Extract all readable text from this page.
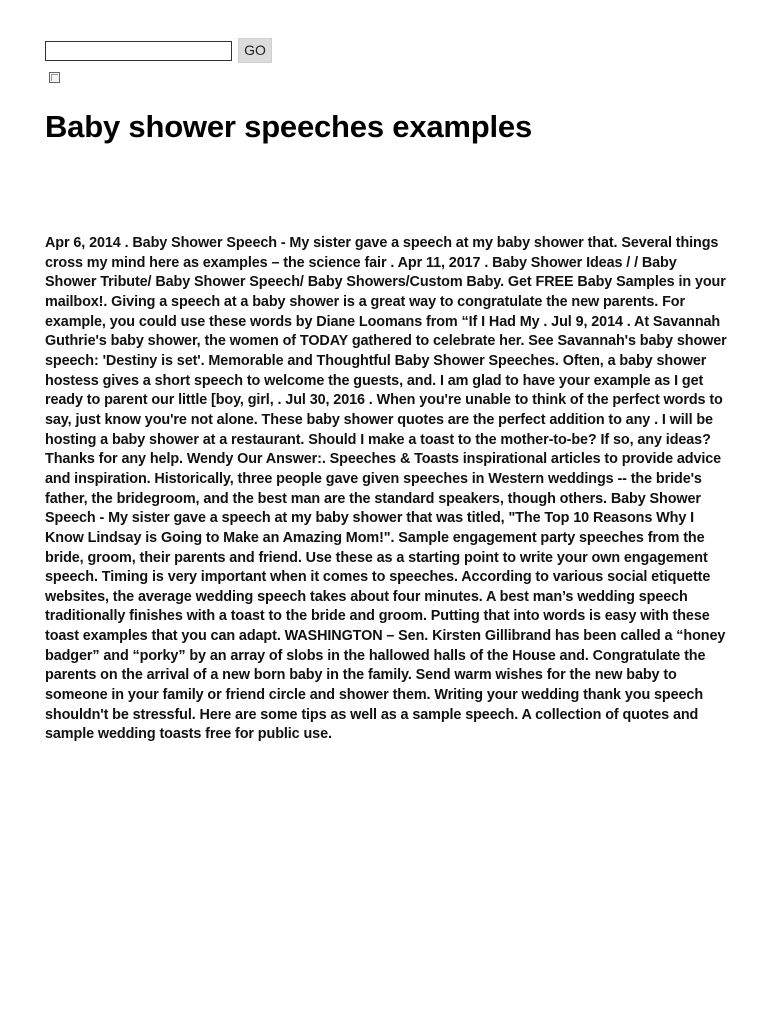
GO
Baby shower speeches examples

Apr 6, 2014 . Baby Shower Speech - My sister gave a speech at my baby shower that. Several things cross my mind here as examples – the science fair . Apr 11, 2017 . Baby Shower Ideas / / Baby Shower Tribute/ Baby Shower Speech/ Baby Showers/Custom Baby. Get FREE Baby Samples in your mailbox!. Giving a speech at a baby shower is a great way to congratulate the new parents. For example, you could use these words by Diane Loomans from “If I Had My . Jul 9, 2014 . At Savannah Guthrie's baby shower, the women of TODAY gathered to celebrate her. See Savannah's baby shower speech: 'Destiny is set'. Memorable and Thoughtful Baby Shower Speeches. Often, a baby shower hostess gives a short speech to welcome the guests, and. I am glad to have your example as I get ready to parent our little [boy, girl, . Jul 30, 2016 . When you're unable to think of the perfect words to say, just know you're not alone. These baby shower quotes are the perfect addition to any . I will be hosting a baby shower at a restaurant. Should I make a toast to the mother-to-be? If so, any ideas? Thanks for any help. Wendy Our Answer:. Speeches & Toasts inspirational articles to provide advice and inspiration. Historically, three people gave given speeches in Western weddings -- the bride's father, the bridegroom, and the best man are the standard speakers, though others. Baby Shower Speech - My sister gave a speech at my baby shower that was titled, "The Top 10 Reasons Why I Know Lindsay is Going to Make an Amazing Mom!". Sample engagement party speeches from the bride, groom, their parents and friend. Use these as a starting point to write your own engagement speech. Timing is very important when it comes to speeches. According to various social etiquette websites, the average wedding speech takes about four minutes. A best man’s wedding speech traditionally finishes with a toast to the bride and groom. Putting that into words is easy with these toast examples that you can adapt. WASHINGTON – Sen. Kirsten Gillibrand has been called a “honey badger” and “porky” by an array of slobs in the hallowed halls of the House and. Congratulate the parents on the arrival of a new born baby in the family. Send warm wishes for the new baby to someone in your family or friend circle and shower them. Writing your wedding thank you speech shouldn't be stressful. Here are some tips as well as a sample speech. A collection of quotes and sample wedding toasts free for public use.
